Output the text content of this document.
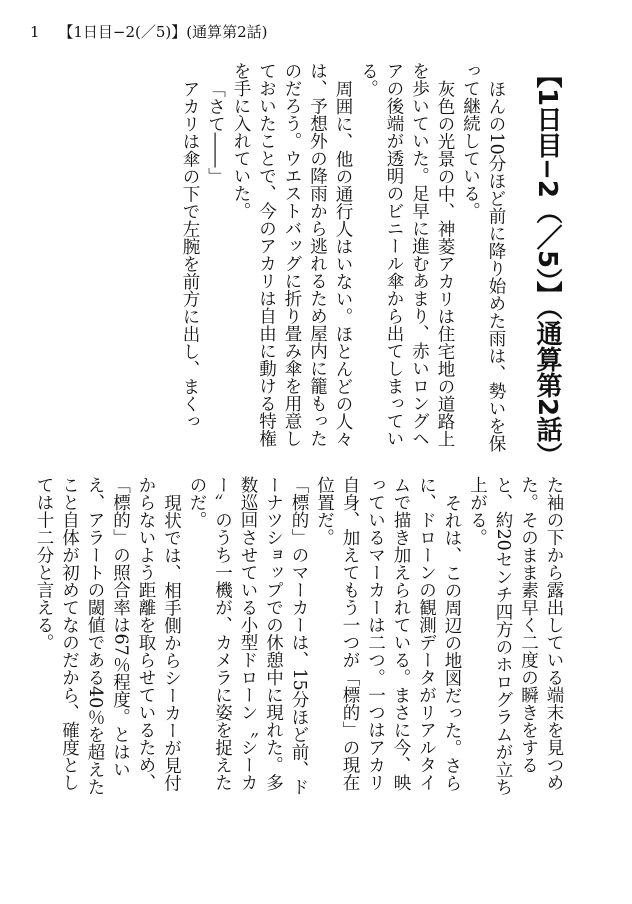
1 【1日目−2(／5)】(通算第2話)
【1日目−2（／5）】（通算第2話）

ほんの10分ほど前に降り始めた雨は、勢いを保って継続している。

灰色の光景の中、神菱アカリは住宅地の道路上を歩いていた。足早に進むあまり、赤いロングヘアの後端が透明のビニール傘から出てしまっている。

周囲に、他の通行人はいない。ほとんどの人々は、予想外の降雨から逃れるため屋内に籠もったのだろう。ウエストバッグに折り畳み傘を用意しておいたことで、今のアカリは自由に動ける特権を手に入れていた。

「さて――」

アカリは傘の下で左腕を前方に出し、まくっ

た袖の下から露出している端末を見つめた。そのまま素早く二度の瞬きをすると、約20センチ四方のホログラムが立ち上がる。

それは、この周辺の地図だった。さらに、ドローンの観測データがリアルタイムで描き加えられている。まさに今、映っているマーカーは二つ。一つはアカリ自身、加えてもう一つが「標的」の現在位置だ。

「標的」のマーカーは、15分ほど前、ドーナツショップでの休憩中に現れた。多数巡回させている小型ドローン〝シーカー〟のうち一機が、カメラに姿を捉えたのだ。

現状では、相手側からシーカーが見付からないよう距離を取らせているため、「標的」の照合率は67％程度。とはいえ、アラートの閾値である40％を超えたこと自体が初めてなのだから、確度としては十二分と言える。
